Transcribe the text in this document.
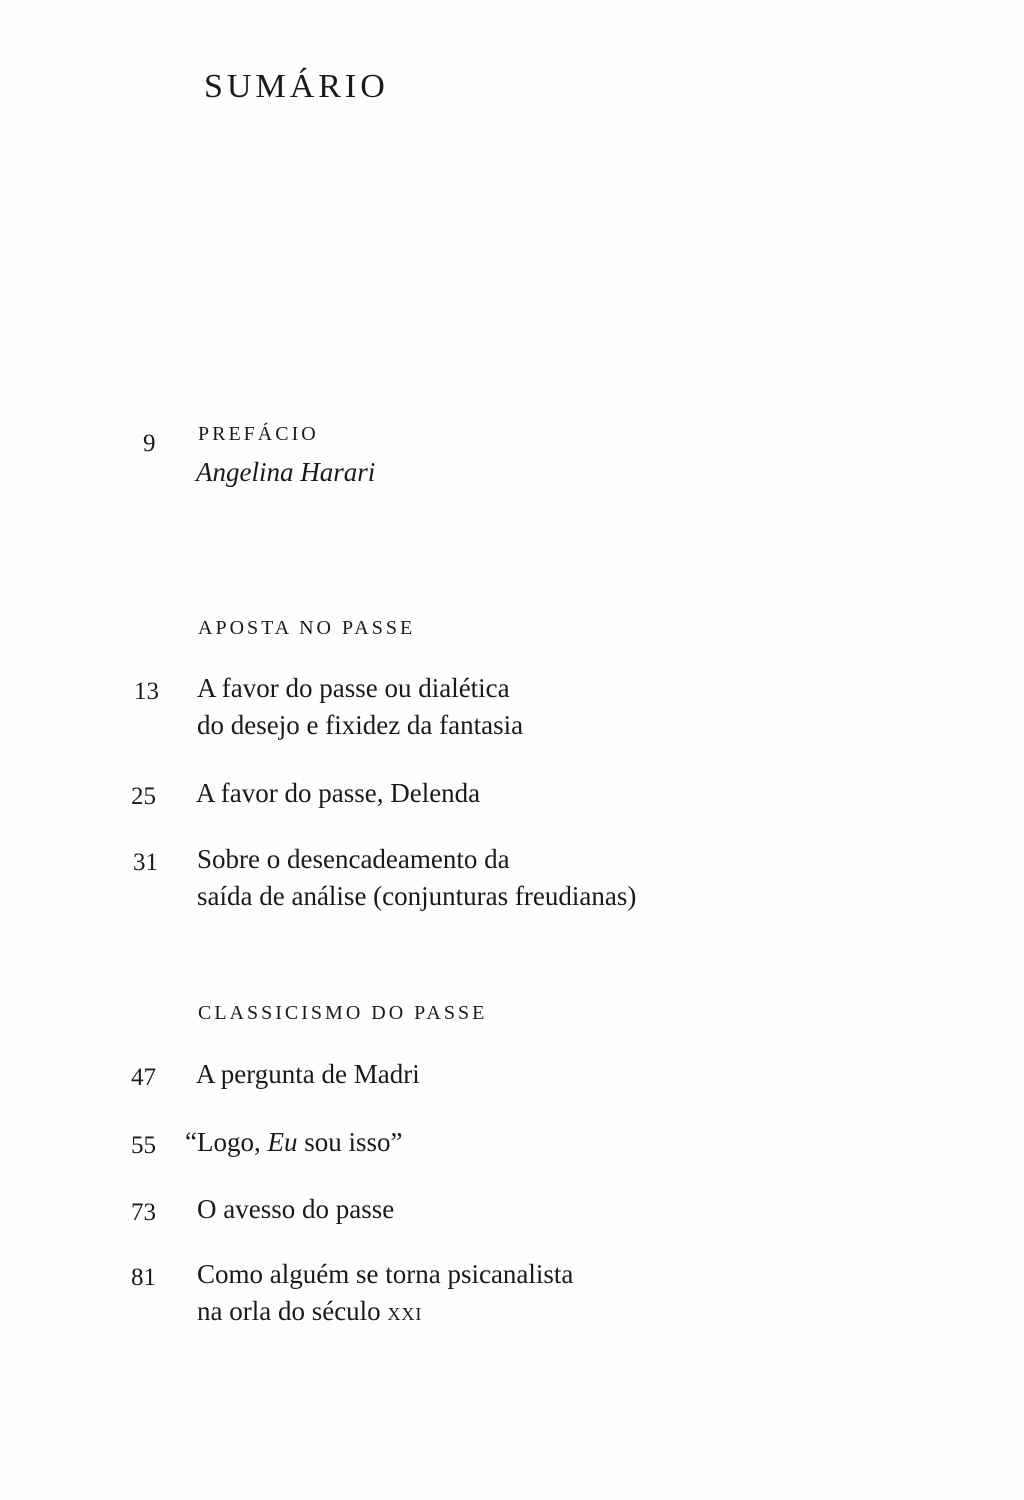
SUMÁRIO
9	PREFÁCIO
Angelina Harari
APOSTA NO PASSE
13	A favor do passe ou dialética
do desejo e fixidez da fantasia
25	A favor do passe, Delenda
31	Sobre o desencadeamento da
saída de análise (conjunturas freudianas)
CLASSICISMO DO PASSE
47	A pergunta de Madri
55	“Logo, Eu sou isso”
73	O avesso do passe
81	Como alguém se torna psicanalista
na orla do século XXI
